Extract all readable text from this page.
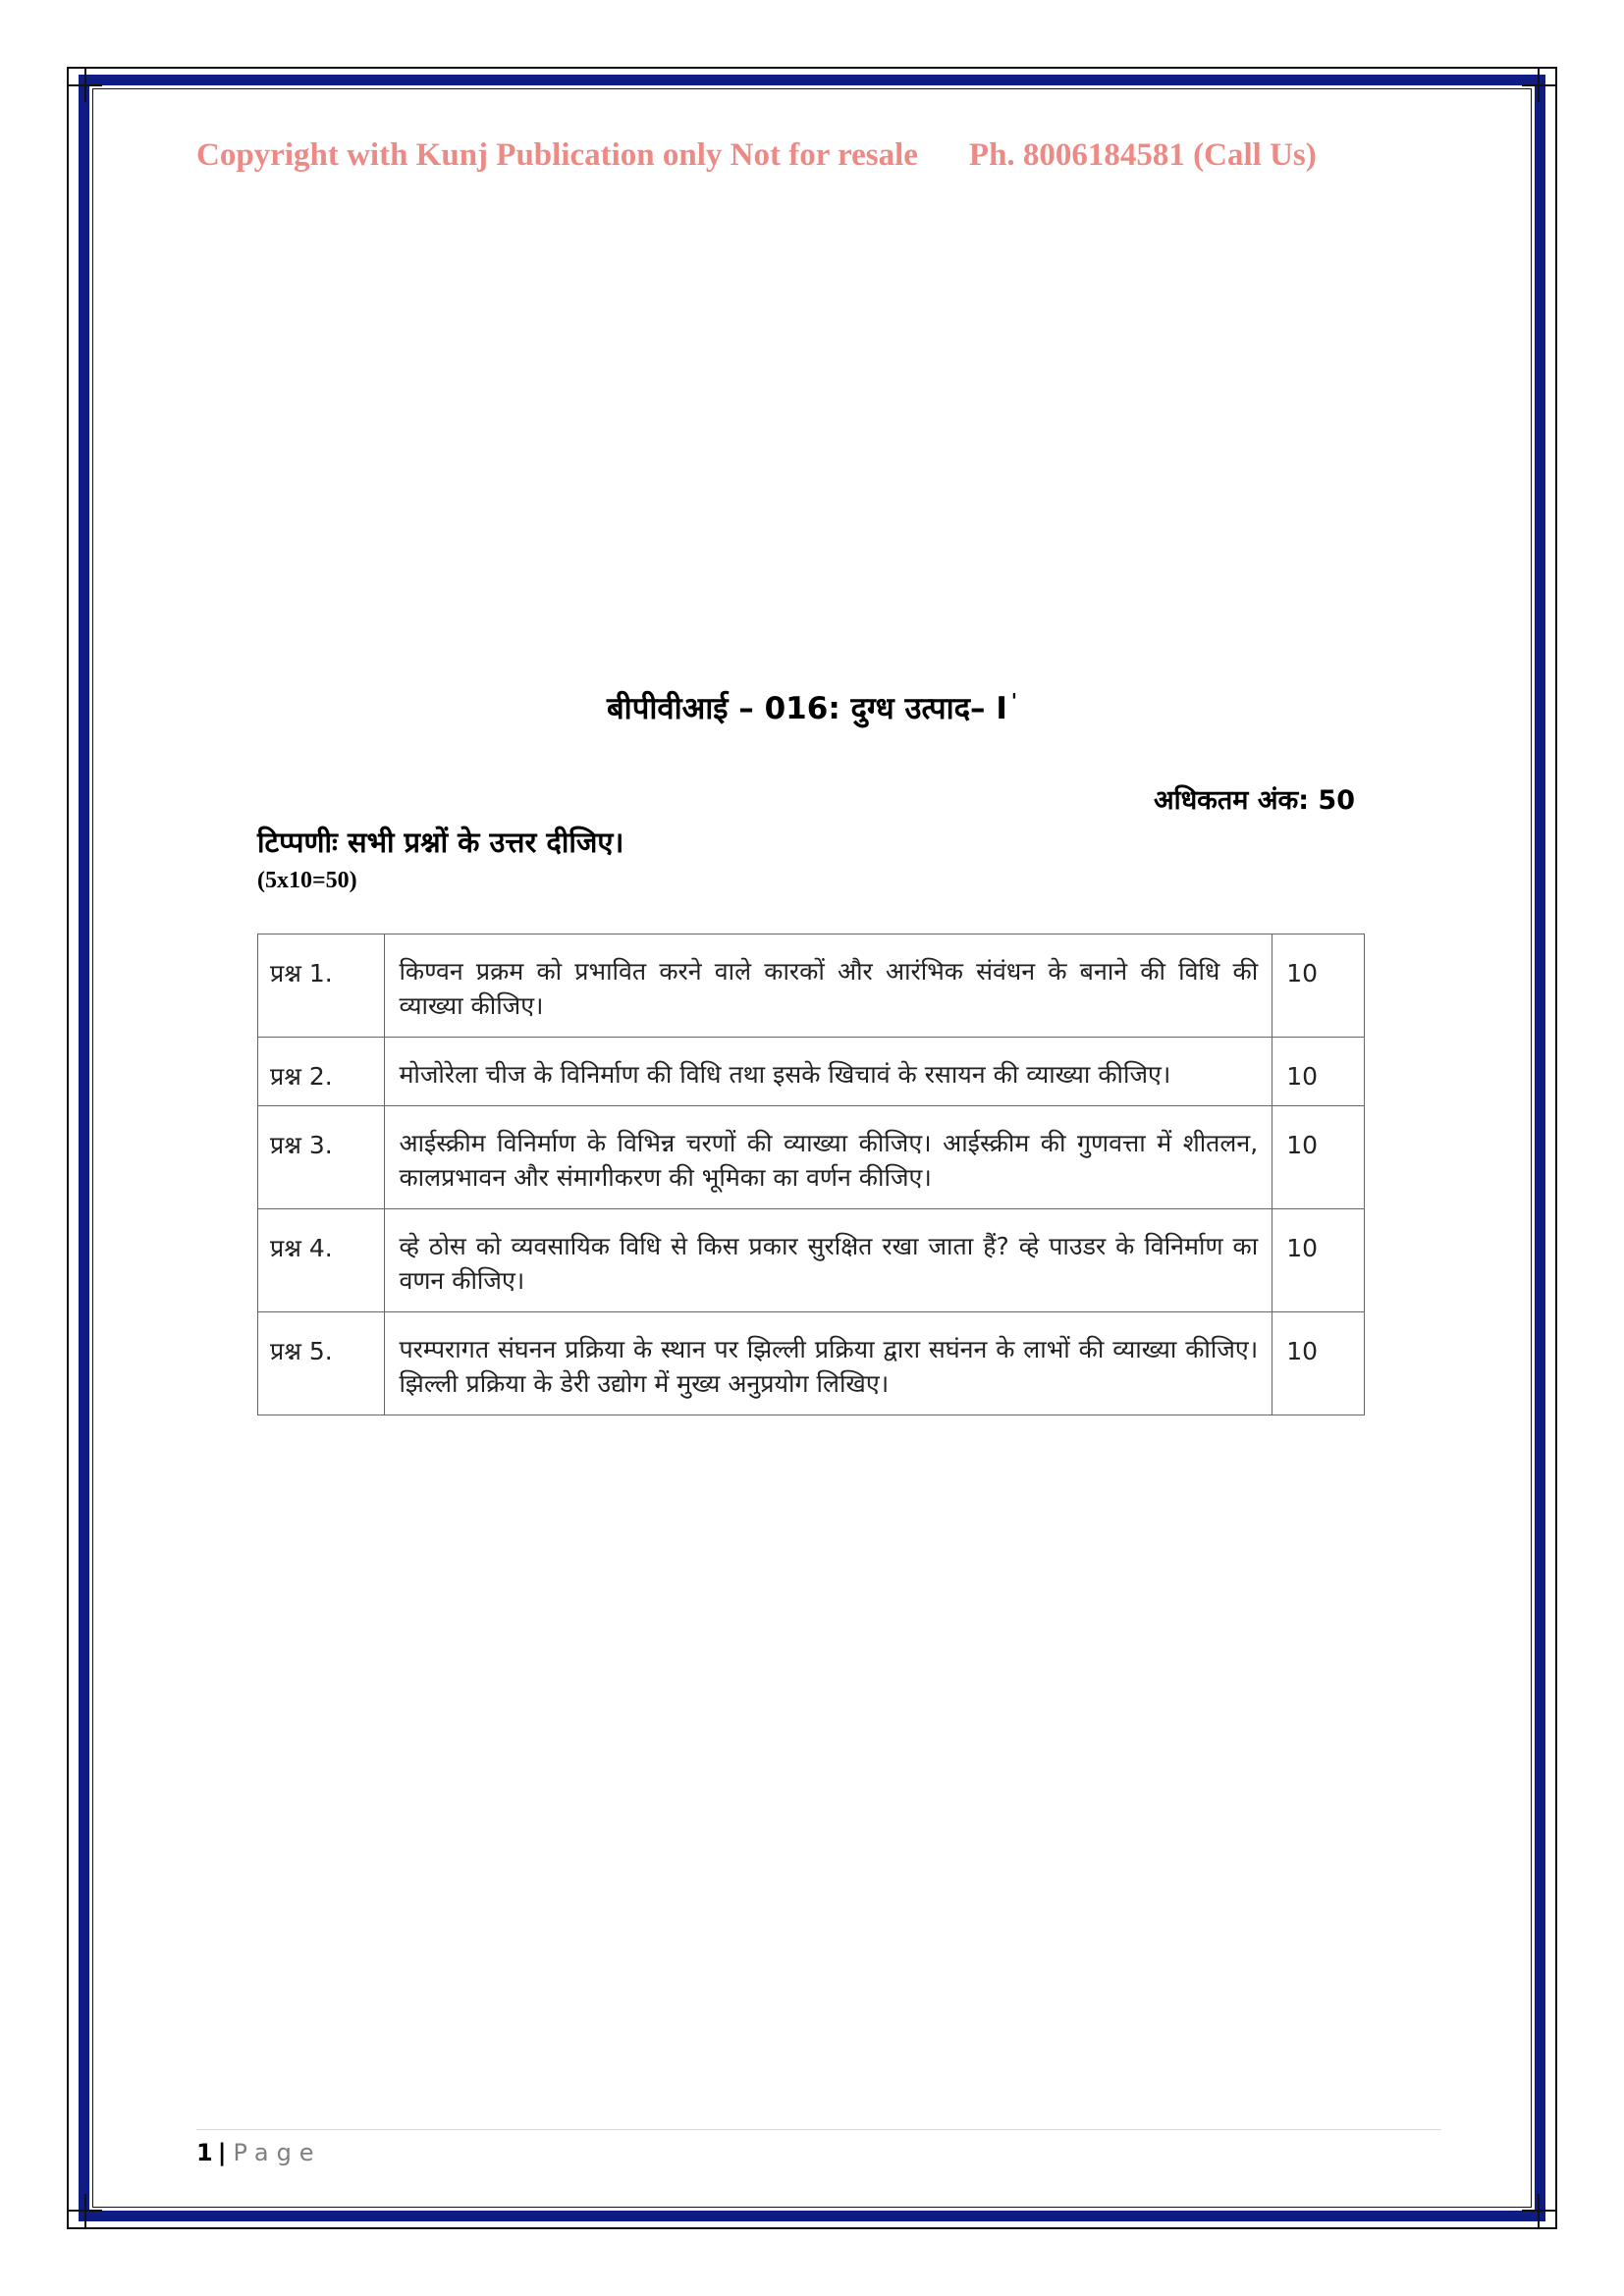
Copyright with Kunj Publication only Not for resale Ph. 8006184581 (Call Us)
बीपीवीआई – 016: दुग्ध उत्पाद– I '
अधिकतम अंक: 50
टिप्पणीः सभी प्रश्नों के उत्तर दीजिए।
(5x10=50)
प्रश्न 1.	किण्वन प्रक्रम को प्रभावित करने वाले कारकों और आरंभिक संवंधन के बनाने की विधि की व्याख्या कीजिए।	10
प्रश्न 2.	मोजोरेला चीज के विनिर्माण की विधि तथा इसके खिचावं के रसायन की व्याख्या कीजिए।	10
प्रश्न 3.	आईस्क्रीम विनिर्माण के विभिन्न चरणों की व्याख्या कीजिए। आईस्क्रीम की गुणवत्ता में शीतलन, कालप्रभावन और संमागीकरण की भूमिका का वर्णन कीजिए।	10
प्रश्न 4.	व्हे ठोस को व्यवसायिक विधि से किस प्रकार सुरक्षित रखा जाता हैं? व्हे पाउडर के विनिर्माण का वणन कीजिए।	10
प्रश्न 5.	परम्परागत संघनन प्रक्रिया के स्थान पर झिल्ली प्रक्रिया द्वारा सघंनन के लाभों की व्याख्या कीजिए। झिल्ली प्रक्रिया के डेरी उद्योग में मुख्य अनुप्रयोग लिखिए।	10
1 | Page
